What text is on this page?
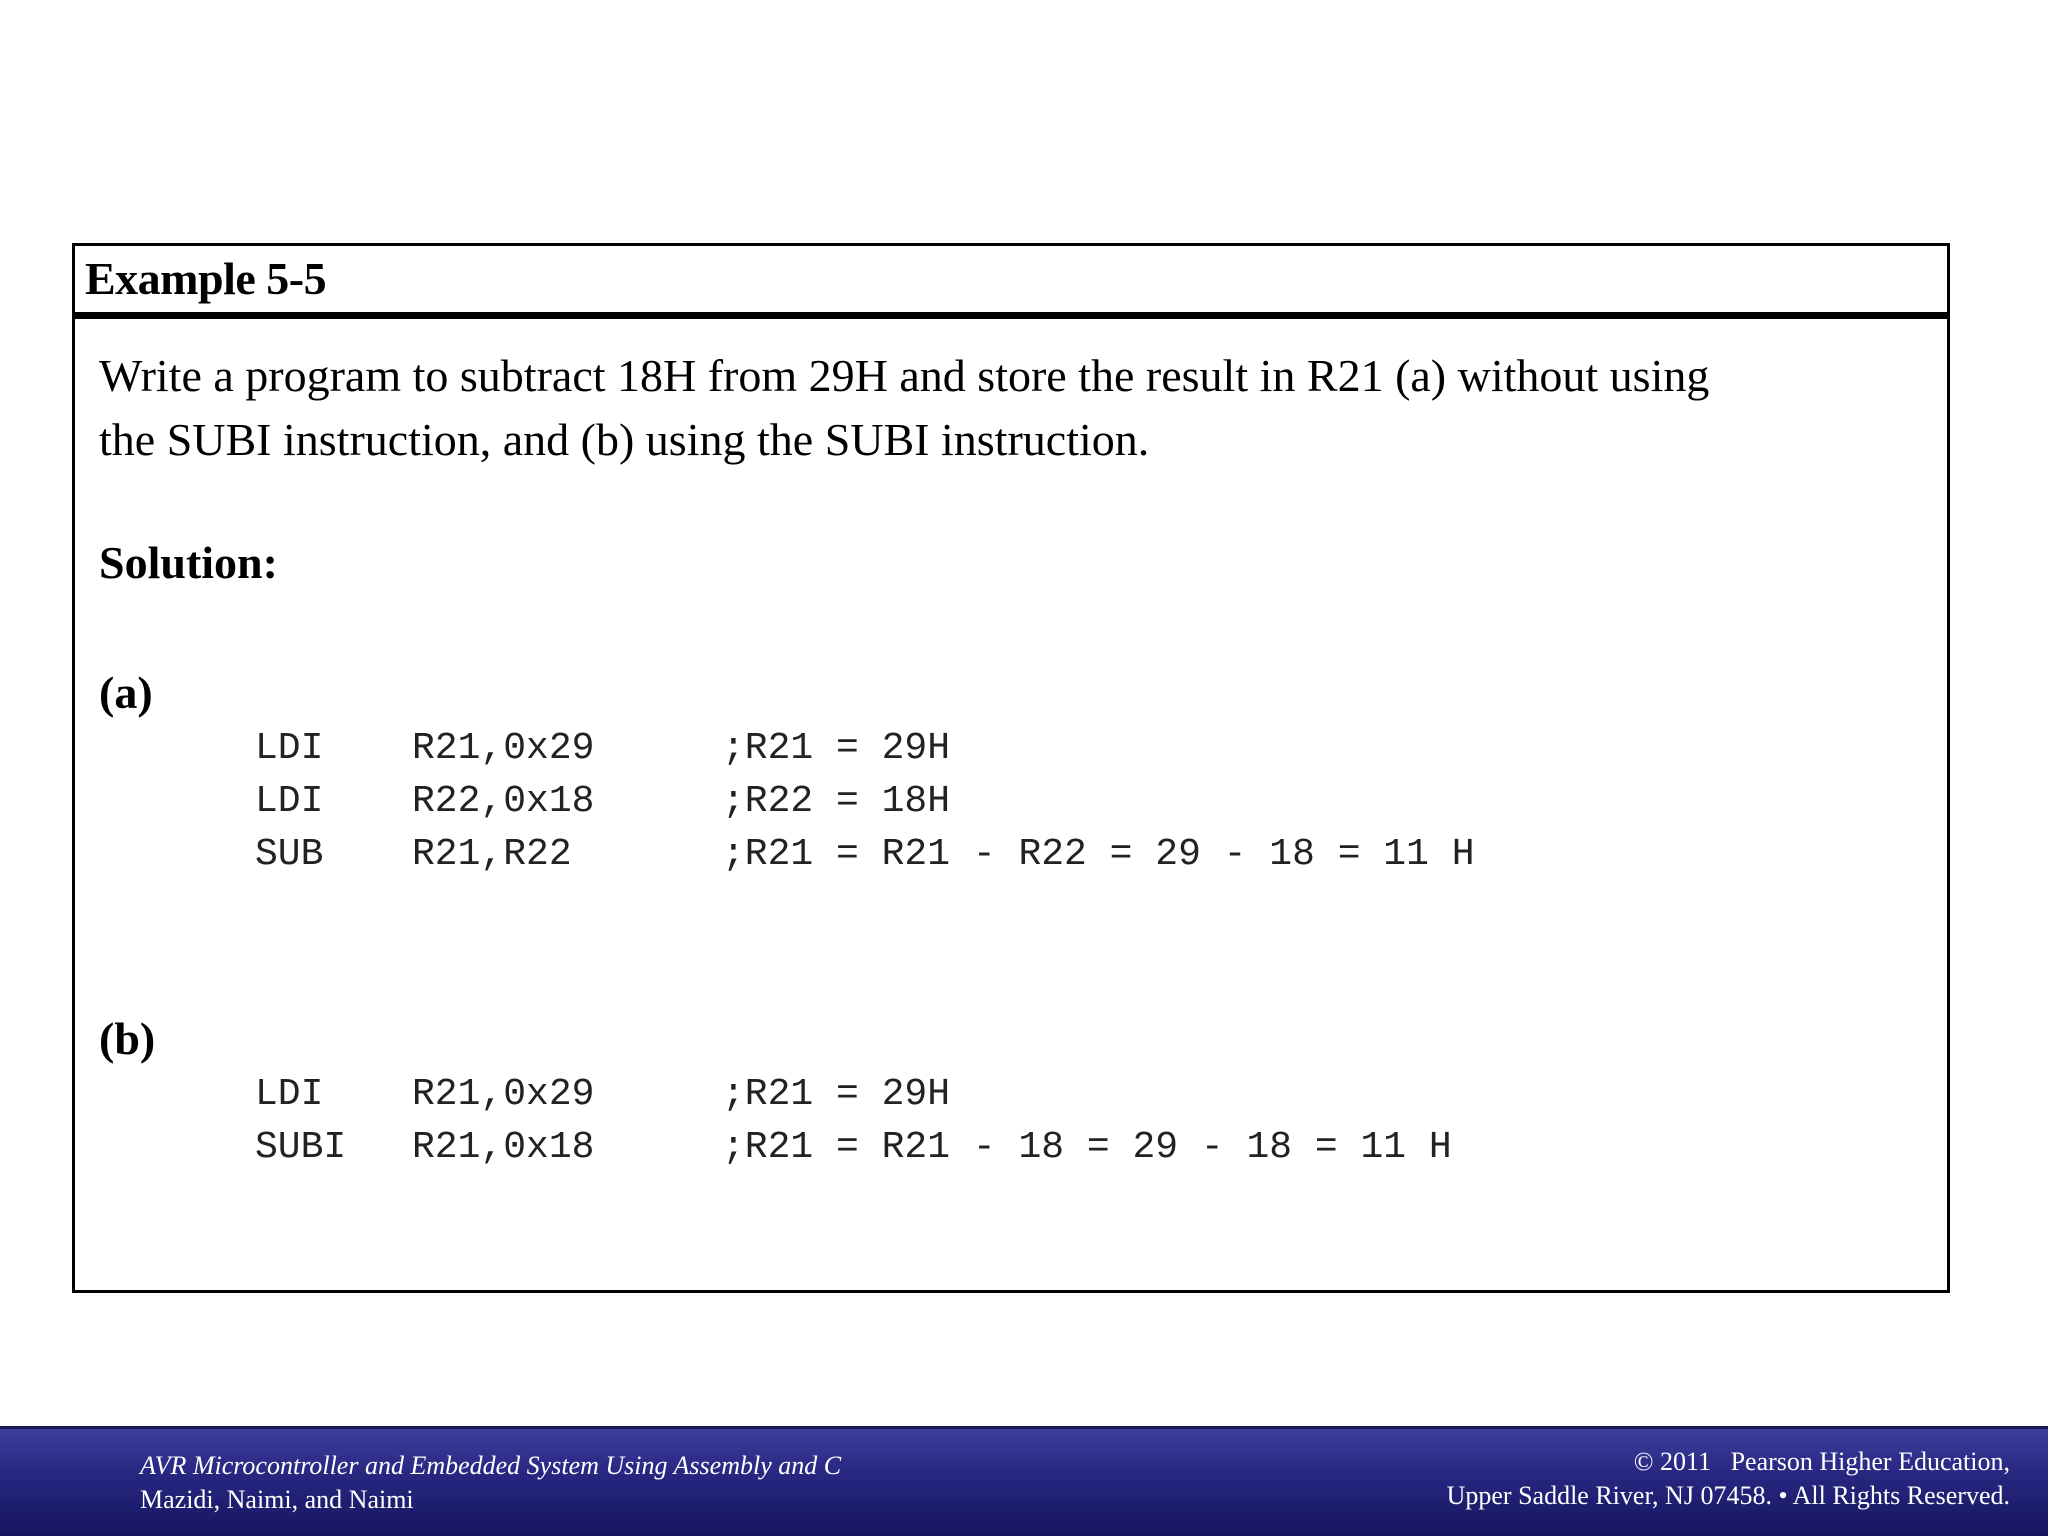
Example 5-5
Write a program to subtract 18H from 29H and store the result in R21 (a) without using
the SUBI instruction, and (b) using the SUBI instruction.
Solution:
(a)
LDI R21,0x29	;R21 = 29H
LDI R22,0x18	;R22 = 18H
SUB R21,R22	;R21 = R21 - R22 = 29 - 18 = 11 H
(b)
LDI R21,0x29	;R21 = 29H
SUBI R21,0x18	;R21 = R21 - 18 = 29 - 18 = 11 H
AVR Microcontroller and Embedded System Using Assembly and C
Mazidi, Naimi, and Naimi
© 2011   Pearson Higher Education,
Upper Saddle River, NJ 07458. • All Rights Reserved.
